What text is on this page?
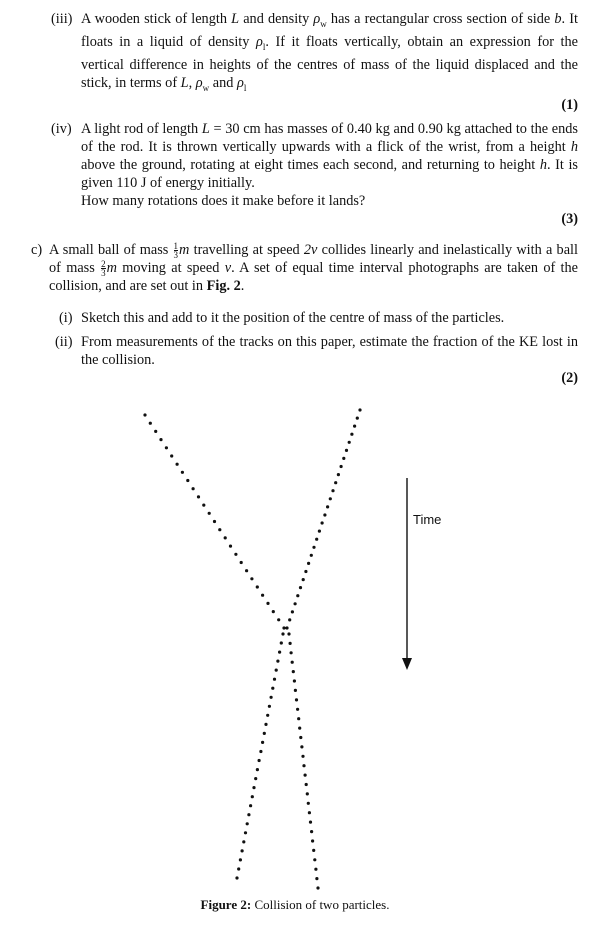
(iii) A wooden stick of length L and density $\rho_w$ has a rectangular cross section of side b. It floats in a liquid of density $\rho_l$. If it floats vertically, obtain an expression for the vertical difference in heights of the centres of mass of the liquid displaced and the stick, in terms of L, $\rho_w$ and $\rho_l$
(1)
(iv) A light rod of length L = 30 cm has masses of 0.40 kg and 0.90 kg attached to the ends of the rod. It is thrown vertically upwards with a flick of the wrist, from a height h above the ground, rotating at eight times each second, and returning to height h. It is given 110 J of energy initially.
How many rotations does it make before it lands?
(3)
c) A small ball of mass $\frac{1}{3}$ m travelling at speed 2v collides linearly and inelastically with a ball of mass $\frac{2}{3}$ m moving at speed v. A set of equal time interval photographs are taken of the collision, and are set out in Fig. 2.
(i) Sketch this and add to it the position of the centre of mass of the particles.
(ii) From measurements of the tracks on this paper, estimate the fraction of the KE lost in the collision.
(2)
Time
Figure 2: Collision of two particles.
